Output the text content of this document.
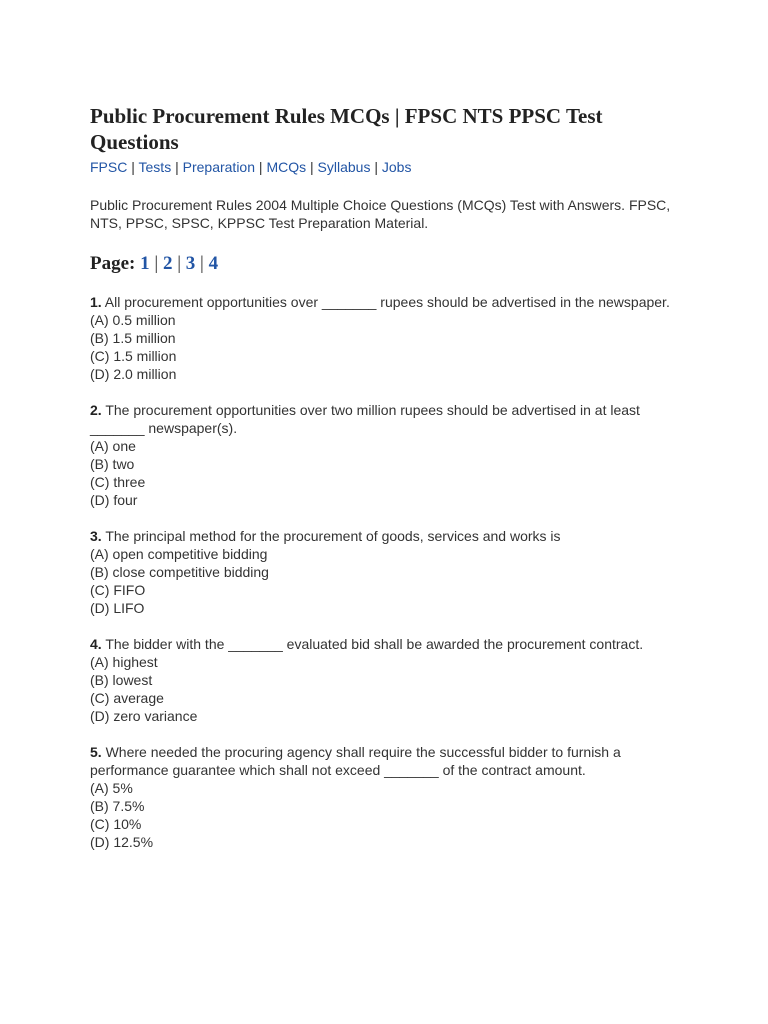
Public Procurement Rules MCQs | FPSC NTS PPSC Test Questions
FPSC | Tests | Preparation | MCQs | Syllabus | Jobs

Public Procurement Rules 2004 Multiple Choice Questions (MCQs) Test with Answers. FPSC, NTS, PPSC, SPSC, KPPSC Test Preparation Material.

Page: 1 | 2 | 3 | 4
1. All procurement opportunities over _______ rupees should be advertised in the newspaper.
(A) 0.5 million
(B) 1.5 million
(C) 1.5 million
(D) 2.0 million
2. The procurement opportunities over two million rupees should be advertised in at least _______ newspaper(s).
(A) one
(B) two
(C) three
(D) four
3. The principal method for the procurement of goods, services and works is
(A) open competitive bidding
(B) close competitive bidding
(C) FIFO
(D) LIFO
4. The bidder with the _______ evaluated bid shall be awarded the procurement contract.
(A) highest
(B) lowest
(C) average
(D) zero variance
5. Where needed the procuring agency shall require the successful bidder to furnish a performance guarantee which shall not exceed _______ of the contract amount.
(A) 5%
(B) 7.5%
(C) 10%
(D) 12.5%
